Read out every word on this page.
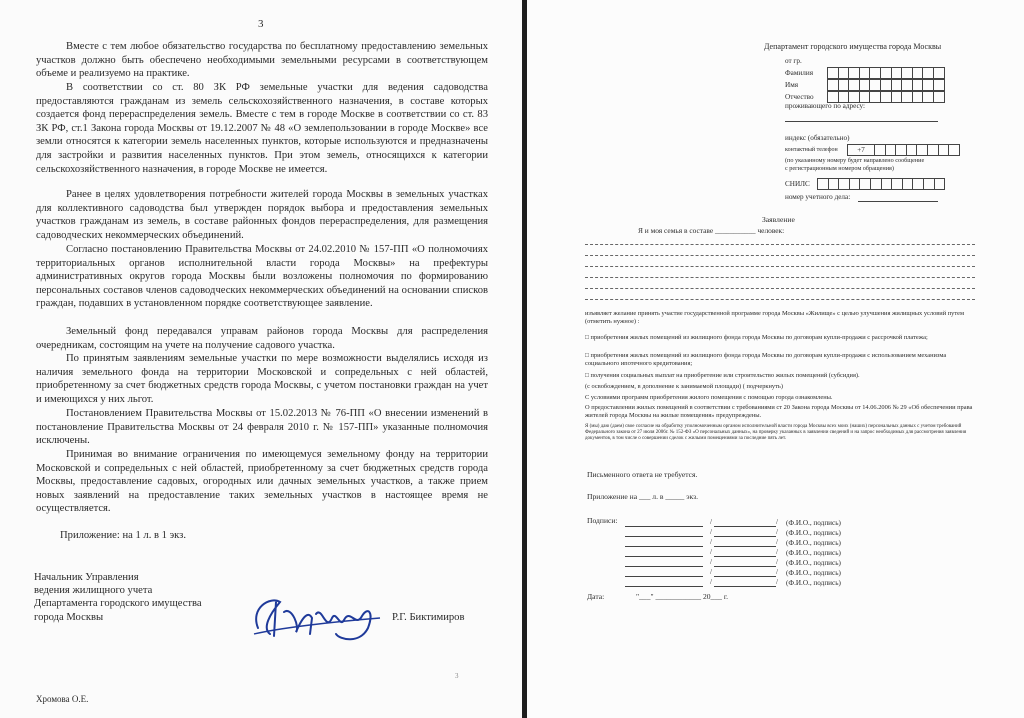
3
Вместе с тем любое обязательство государства по бесплатному предоставлению земельных участков должно быть обеспечено необходимыми земельными ресурсами в соответствующем объеме и реализуемо на практике.
В соответствии со ст. 80 ЗК РФ земельные участки для ведения садоводства предоставляются гражданам из земель сельскохозяйственного назначения, в составе которых создается фонд перераспределения земель. Вместе с тем в городе Москве в соответствии со ст. 83 ЗК РФ, ст.1 Закона города Москвы от 19.12.2007 № 48 «О землепользовании в городе Москве» все земли относятся к категории земель населенных пунктов, которые используются и предназначены для застройки и развития населенных пунктов. При этом земель, относящихся к категории сельскохозяйственного назначения, в городе Москве не имеется.
Ранее в целях удовлетворения потребности жителей города Москвы в земельных участках для коллективного садоводства был утвержден порядок выбора и предоставления земельных участков гражданам из земель, в составе районных фондов перераспределения, для размещения садоводческих некоммерческих объединений.
Согласно постановлению Правительства Москвы от 24.02.2010 № 157-ПП «О полномочиях территориальных органов исполнительной власти города Москвы» на префектуры административных округов города Москвы были возложены полномочия по формированию персональных составов членов садоводческих некоммерческих объединений на основании списков граждан, подавших в установленном порядке соответствующее заявление.
Земельный фонд передавался управам районов города Москвы для распределения очередникам, состоящим на учете на получение садового участка.
По принятым заявлениям земельные участки по мере возможности выделялись исходя из наличия земельного фонда на территории Московской и сопредельных с ней областей, приобретенному за счет бюджетных средств города Москвы, с учетом постановки граждан на учет и имеющихся у них льгот.
Постановлением Правительства Москвы от 15.02.2013 № 76-ПП «О внесении изменений в постановление Правительства Москвы от 24 февраля 2010 г. № 157-ПП» указанные полномочия исключены.
Принимая во внимание ограничения по имеющемуся земельному фонду на территории Московской и сопредельных с ней областей, приобретенному за счет бюджетных средств города Москвы, предоставление садовых, огородных или дачных земельных участков, а также прием новых заявлений на предоставление таких земельных участков в настоящее время не осуществляется.
Приложение: на 1 л. в 1 экз.
Начальник Управления
ведения жилищного учета
Департамента городского имущества
города Москвы	Р.Г. Биктимиров
3
Хромова О.Е.
Департамент городского имущества города Москвы
от гр.
Фамилия
Имя
Отчество
проживающего по адресу:
индекс (обязательно)
контактный телефон	+7
(по указанному номеру будет направлено сообщение
с регистрационным номером обращения)
СНИЛС
номер учетного дела:
Заявление
Я и моя семья в составе ___________ человек:
изъявляет желание принять участие государственной программе города Москвы «Жилище» с целью улучшения жилищных условий путем (отметить нужное) :
□ приобретения жилых помещений из жилищного фонда города Москвы по договорам купли-продажи с рассрочкой платежа;
□ приобретения жилых помещений из жилищного фонда города Москвы по договорам купли-продажи с использованием механизма социального ипотечного кредитования;
□ получения социальных выплат на приобретение или строительство жилых помещений (субсидия).
(с освобождением, в дополнение к занимаемой площади) ( подчеркнуть)
С условиями программ приобретения жилого помещения с помощью города ознакомлены.
О предоставлении жилых помещений в соответствии с требованиями ст 20 Закона города Москвы от 14.06.2006 № 29 «Об обеспечении права жителей города Москвы на жилые помещения» предупреждены.
Я (мы) даю (даем) свое согласие на обработку уполномоченным органом исполнительной власти города Москвы всех моих (наших) персональных данных с учетом требований Федерального закона от 27 июля 2006г. № 152-ФЗ «О персональных данных», на проверку указанных в заявлении сведений и на запрос необходимых для рассмотрения заявления документов, в том числе о совершении сделок с жилыми помещениями за последние пять лет.
Письменного ответа не требуется.
Приложение на ___ л. в _____ экз.
Подписи:	/	/ (Ф.И.О., подпись)
/	/ (Ф.И.О., подпись)
/	/ (Ф.И.О., подпись)
/	/ (Ф.И.О., подпись)
/	/ (Ф.И.О., подпись)
/	/ (Ф.И.О., подпись)
/	/ (Ф.И.О., подпись)
Дата:	"___" ____________ 20___ г.
